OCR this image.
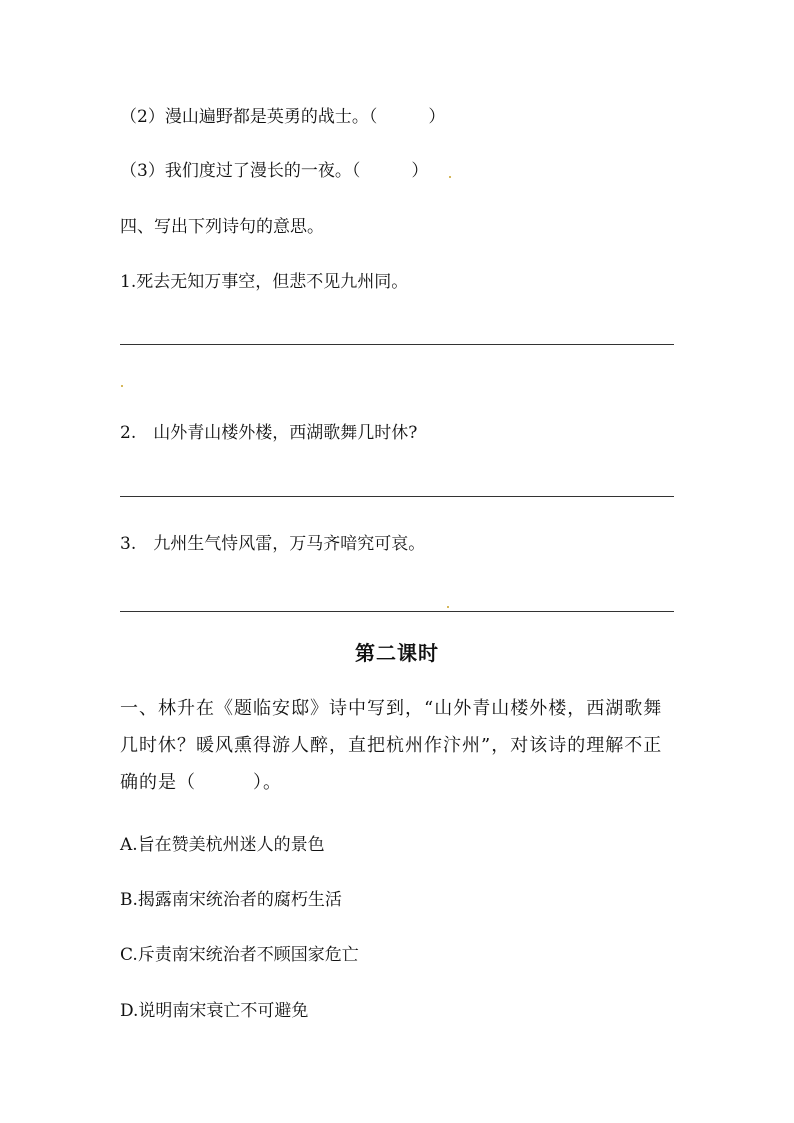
（2）漫山遍野都是英勇的战士。（　　　）
（3）我们度过了漫长的一夜。（　　　）
四、写出下列诗句的意思。
1.死去无知万事空，但悲不见九州同。
2.　山外青山楼外楼，西湖歌舞几时休?
3.　九州生气恃风雷，万马齐喑究可哀。
第二课时
一、林升在《题临安邸》诗中写到，“山外青山楼外楼，西湖歌舞几时休？暖风熏得游人醉，直把杭州作汴州”，对该诗的理解不正确的是（　　　）。
A.旨在赞美杭州迷人的景色
B.揭露南宋统治者的腐朽生活
C.斥责南宋统治者不顾国家危亡
D.说明南宋衰亡不可避免
